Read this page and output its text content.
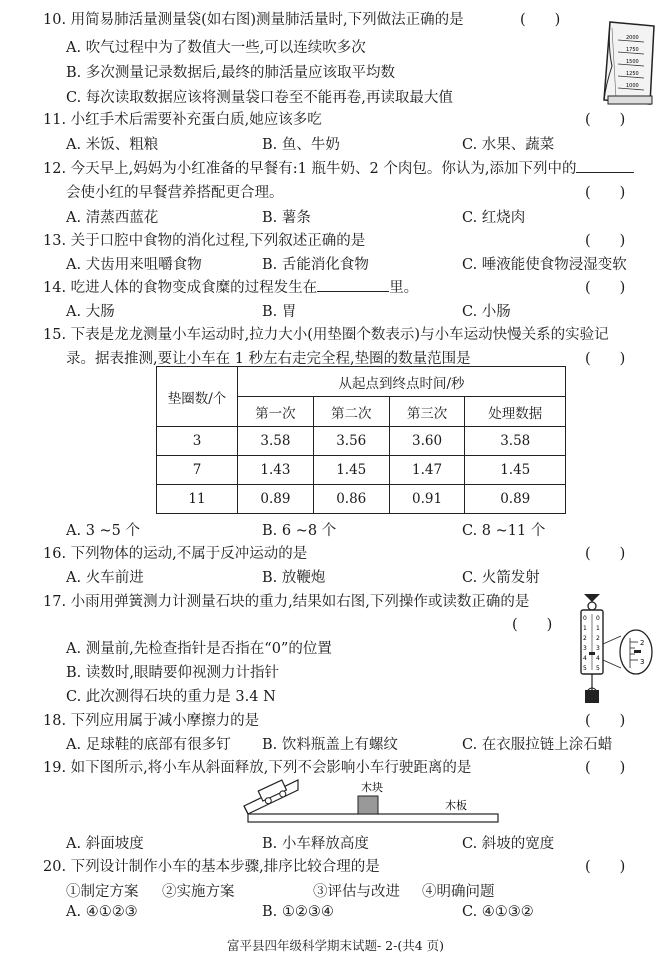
10. 用简易肺活量测量袋(如右图)测量肺活量时,下列做法正确的是	(　　)
A. 吹气过程中为了数值大一些,可以连续吹多次
B. 多次测量记录数据后,最终的肺活量应该取平均数
C. 每次读取数据应该将测量袋口卷至不能再卷,再读取最大值
2000
1750
1500
1250
1000
11. 小红手术后需要补充蛋白质,她应该多吃	(　　)
A. 米饭、粗粮	B. 鱼、牛奶	C. 水果、蔬菜
12. 今天早上,妈妈为小红准备的早餐有:1 瓶牛奶、2 个肉包。你认为,添加下列中的
会使小红的早餐营养搭配更合理。	(　　)
A. 清蒸西蓝花	B. 薯条	C. 红烧肉
13. 关于口腔中食物的消化过程,下列叙述正确的是	(　　)
A. 犬齿用来咀嚼食物	B. 舌能消化食物	C. 唾液能使食物浸湿变软
14. 吃进人体的食物变成食糜的过程发生在	里。	(　　)
A. 大肠	B. 胃	C. 小肠
15. 下表是龙龙测量小车运动时,拉力大小(用垫圈个数表示)与小车运动快慢关系的实验记
录。据表推测,要让小车在 1 秒左右走完全程,垫圈的数量范围是	(　　)
垫圈数/个	从起点到终点时间/秒			
	第一次	第二次	第三次	处理数据
3	3.58	3.56	3.60	3.58
7	1.43	1.45	1.47	1.45
11	0.89	0.86	0.91	0.89
A. 3 ~5 个	B. 6 ~8 个	C. 8 ~11 个
16. 下列物体的运动,不属于反冲运动的是	(　　)
A. 火车前进	B. 放鞭炮	C. 火箭发射
17. 小雨用弹簧测力计测量石块的重力,结果如右图,下列操作或读数正确的是
(　　)
A. 测量前,先检查指针是否指在“0”的位置
B. 读数时,眼睛要仰视测力计指针
C. 此次测得石块的重力是 3.4 N
0
1
2
3
4
5
0
1
2
3
4
5
2
3
18. 下列应用属于减小摩擦力的是	(　　)
A. 足球鞋的底部有很多钉 B. 饮料瓶盖上有螺纹	C. 在衣服拉链上涂石蜡
19. 如下图所示,将小车从斜面释放,下列不会影响小车行驶距离的是	(　　)
木块
木板
A. 斜面坡度	B. 小车释放高度	C. 斜坡的宽度
20. 下列设计制作小车的基本步骤,排序比较合理的是	(　　)
①制定方案 ②实施方案	③评估与改进 ④明确问题
A. ④①②③	B. ①②③④	C. ④①③②
富平县四年级科学期末试题- 2-(共4 页)
